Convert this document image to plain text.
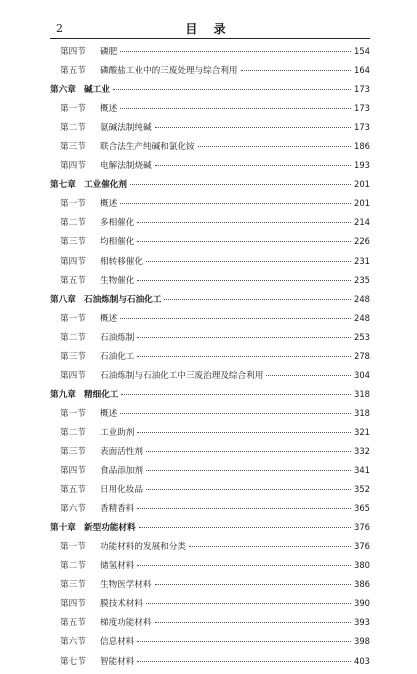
2	目 录
第四节	磷肥	154
第五节	磷酸盐工业中的三废处理与综合利用	164
第六章 碱工业	173
第一节	概述	173
第二节	氨碱法制纯碱	173
第三节	联合法生产纯碱和氯化铵	186
第四节	电解法制烧碱	193
第七章 工业催化剂	201
第一节	概述	201
第二节	多相催化	214
第三节	均相催化	226
第四节	相转移催化	231
第五节	生物催化	235
第八章 石油炼制与石油化工	248
第一节	概述	248
第二节	石油炼制	253
第三节	石油化工	278
第四节	石油炼制与石油化工中三废治理及综合利用	304
第九章 精细化工	318
第一节	概述	318
第二节	工业助剂	321
第三节	表面活性剂	332
第四节	食品添加剂	341
第五节	日用化妆品	352
第六节	香精香料	365
第十章 新型功能材料	376
第一节	功能材料的发展和分类	376
第二节	储氢材料	380
第三节	生物医学材料	386
第四节	膜技术材料	390
第五节	梯度功能材料	393
第六节	信息材料	398
第七节	智能材料	403
